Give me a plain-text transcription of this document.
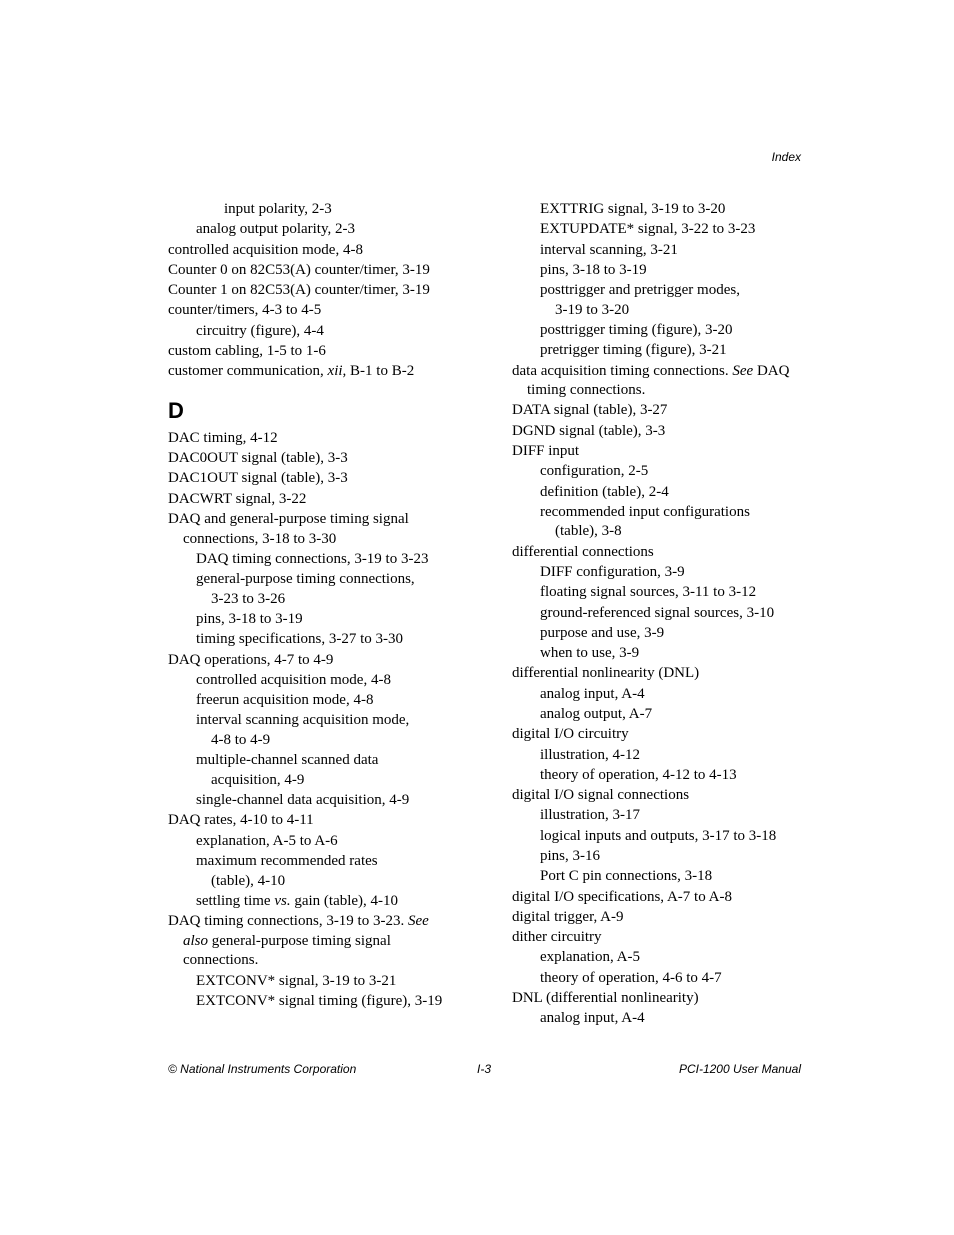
Index
input polarity, 2-3
analog output polarity, 2-3
controlled acquisition mode, 4-8
Counter 0 on 82C53(A) counter/timer, 3-19
Counter 1 on 82C53(A) counter/timer, 3-19
counter/timers, 4-3 to 4-5
circuitry (figure), 4-4
custom cabling, 1-5 to 1-6
customer communication, xii, B-1 to B-2
D
DAC timing, 4-12
DAC0OUT signal (table), 3-3
DAC1OUT signal (table), 3-3
DACWRT signal, 3-22
DAQ and general-purpose timing signal
connections, 3-18 to 3-30
DAQ timing connections, 3-19 to 3-23
general-purpose timing connections,
3-23 to 3-26
pins, 3-18 to 3-19
timing specifications, 3-27 to 3-30
DAQ operations, 4-7 to 4-9
controlled acquisition mode, 4-8
freerun acquisition mode, 4-8
interval scanning acquisition mode,
4-8 to 4-9
multiple-channel scanned data
acquisition, 4-9
single-channel data acquisition, 4-9
DAQ rates, 4-10 to 4-11
explanation, A-5 to A-6
maximum recommended rates
(table), 4-10
settling time vs. gain (table), 4-10
DAQ timing connections, 3-19 to 3-23. See
also general-purpose timing signal
connections.
EXTCONV* signal, 3-19 to 3-21
EXTCONV* signal timing (figure), 3-19
EXTTRIG signal, 3-19 to 3-20
EXTUPDATE* signal, 3-22 to 3-23
interval scanning, 3-21
pins, 3-18 to 3-19
posttrigger and pretrigger modes,
3-19 to 3-20
posttrigger timing (figure), 3-20
pretrigger timing (figure), 3-21
data acquisition timing connections. See DAQ
timing connections.
DATA signal (table), 3-27
DGND signal (table), 3-3
DIFF input
configuration, 2-5
definition (table), 2-4
recommended input configurations
(table), 3-8
differential connections
DIFF configuration, 3-9
floating signal sources, 3-11 to 3-12
ground-referenced signal sources, 3-10
purpose and use, 3-9
when to use, 3-9
differential nonlinearity (DNL)
analog input, A-4
analog output, A-7
digital I/O circuitry
illustration, 4-12
theory of operation, 4-12 to 4-13
digital I/O signal connections
illustration, 3-17
logical inputs and outputs, 3-17 to 3-18
pins, 3-16
Port C pin connections, 3-18
digital I/O specifications, A-7 to A-8
digital trigger, A-9
dither circuitry
explanation, A-5
theory of operation, 4-6 to 4-7
DNL (differential nonlinearity)
analog input, A-4
© National Instruments Corporation	I-3	PCI-1200 User Manual
